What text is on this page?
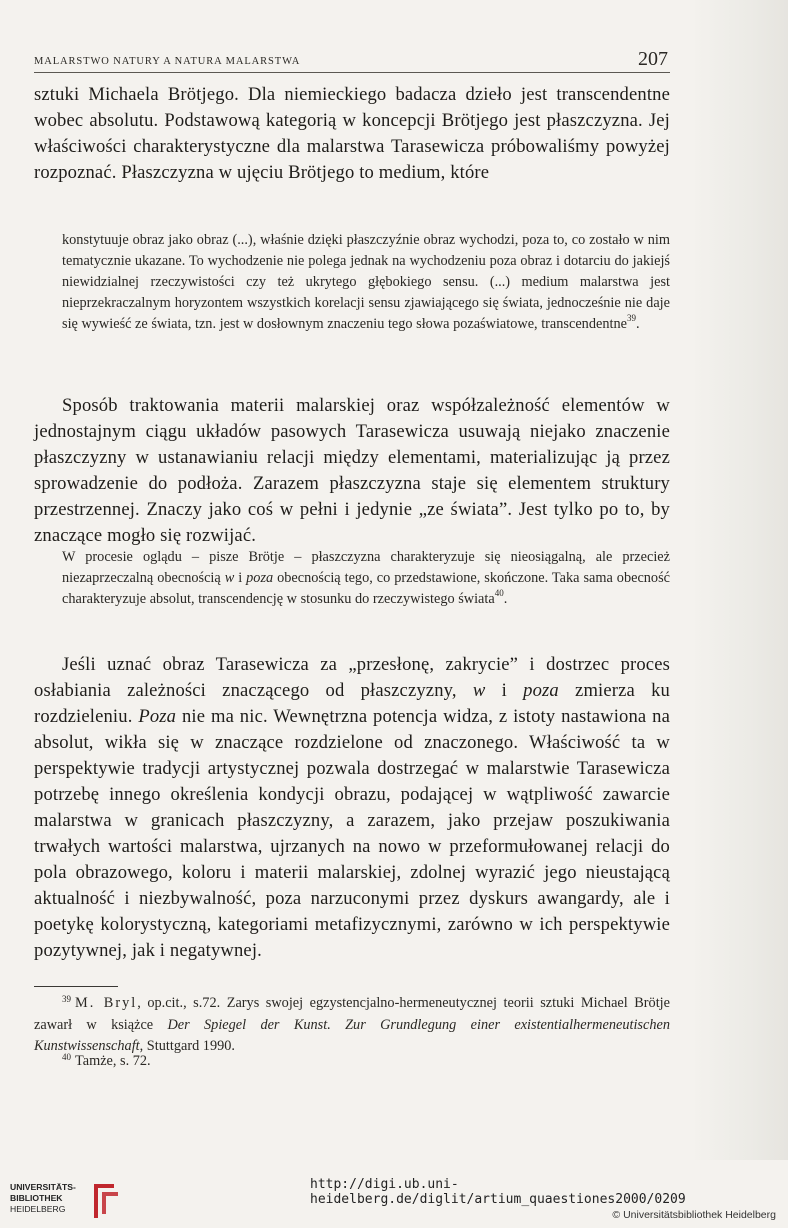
MALARSTWO NATURY A NATURA MALARSTWA	207

sztuki Michaela Brötjego. Dla niemieckiego badacza dzieło jest transcendentne wobec absolutu. Podstawową kategorią w koncepcji Brötjego jest płaszczyzna. Jej właściwości charakterystyczne dla malarstwa Tarasewicza próbowaliśmy powyżej rozpoznać. Płaszczyzna w ujęciu Brötjego to medium, które

konstytuuje obraz jako obraz (...), właśnie dzięki płaszczyźnie obraz wychodzi, poza to, co zostało w nim tematycznie ukazane. To wychodzenie nie polega jednak na wychodzeniu poza obraz i dotarciu do jakiejś niewidzialnej rzeczywistości czy też ukrytego głębokiego sensu. (...) medium malarstwa jest nieprzekraczalnym horyzontem wszystkich korelacji sensu zjawiającego się świata, jednocześnie nie daje się wywieść ze świata, tzn. jest w dosłownym znaczeniu tego słowa pozaświatowe, transcendentne$^{39}$.

Sposób traktowania materii malarskiej oraz współzależność elementów w jednostajnym ciągu układów pasowych Tarasewicza usuwają niejako znaczenie płaszczyzny w ustanawianiu relacji między elementami, materializując ją przez sprowadzenie do podłoża. Zarazem płaszczyzna staje się elementem struktury przestrzennej. Znaczy jako coś w pełni i jedynie „ze świata”. Jest tylko po to, by znaczące mogło się rozwijać.

W procesie oglądu – pisze Brötje – płaszczyzna charakteryzuje się nieosiągalną, ale przecież niezaprzeczalną obecnością w i poza obecnością tego, co przedstawione, skończone. Taka sama obecność charakteryzuje absolut, transcendencję w stosunku do rzeczywistego świata$^{40}$.

Jeśli uznać obraz Tarasewicza za „przesłonę, zakrycie” i dostrzec proces osłabiania zależności znaczącego od płaszczyzny, w i poza zmierza ku rozdzieleniu. Poza nie ma nic. Wewnętrzna potencja widza, z istoty nastawiona na absolut, wikła się w znaczące rozdzielone od znaczonego. Właściwość ta w perspektywie tradycji artystycznej pozwala dostrzegać w malarstwie Tarasewicza potrzebę innego określenia kondycji obrazu, podającej w wątpliwość zawarcie malarstwa w granicach płaszczyzny, a zarazem, jako przejaw poszukiwania trwałych wartości malarstwa, ujrzanych na nowo w przeformułowanej relacji do pola obrazowego, koloru i materii malarskiej, zdolnej wyrazić jego nieustającą aktualność i niezbywalność, poza narzuconymi przez dyskurs awangardy, ale i poetykę kolorystyczną, kategoriami metafizycznymi, zarówno w ich perspektywie pozytywnej, jak i negatywnej.

$^{39}$ M. Bryl, op.cit., s.72. Zarys swojej egzystencjalno-hermeneutycznej teorii sztuki Michael Brötje zawarł w książce Der Spiegel der Kunst. Zur Grundlegung einer existentialhermeneutischen Kunstwissenschaft, Stuttgard 1990.

$^{40}$ Tamże, s. 72.

UNIVERSITÄTS-
BIBLIOTHEK
HEIDELBERG
http://digi.ub.uni-heidelberg.de/diglit/artium_quaestiones2000/0209
© Universitätsbibliothek Heidelberg
